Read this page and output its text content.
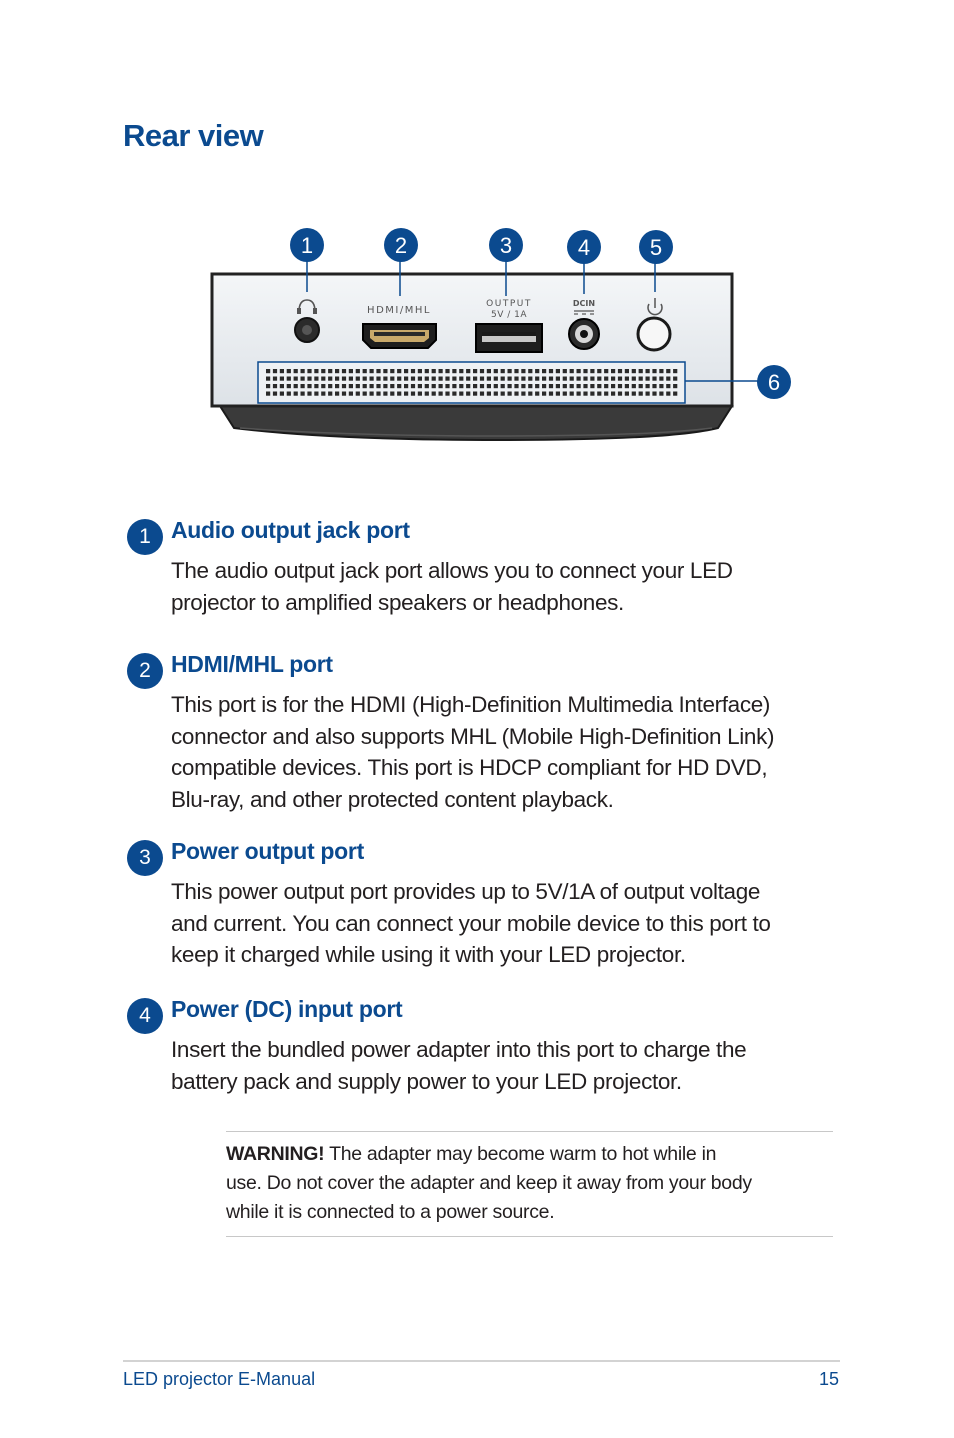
Rear view
1	2	3	4	5
6
HDMI/MHL
OUTPUT
5V / 1A
DCIN
1 Audio output jack port
The audio output jack port allows you to connect your LED
projector to amplified speakers or headphones.
2 HDMI/MHL port
This port is for the HDMI (High-Definition Multimedia Interface)
connector and also supports MHL (Mobile High-Definition Link)
compatible devices. This port is HDCP compliant for HD DVD,
Blu-ray, and other protected content playback.
3 Power output port
This power output port provides up to 5V/1A of output voltage
and current. You can connect your mobile device to this port to
keep it charged while using it with your LED projector.
4 Power (DC) input port
Insert the bundled power adapter into this port to charge the
battery pack and supply power to your LED projector.
WARNING! The adapter may become warm to hot while in
use. Do not cover the adapter and keep it away from your body
while it is connected to a power source.
LED projector E-Manual	15
